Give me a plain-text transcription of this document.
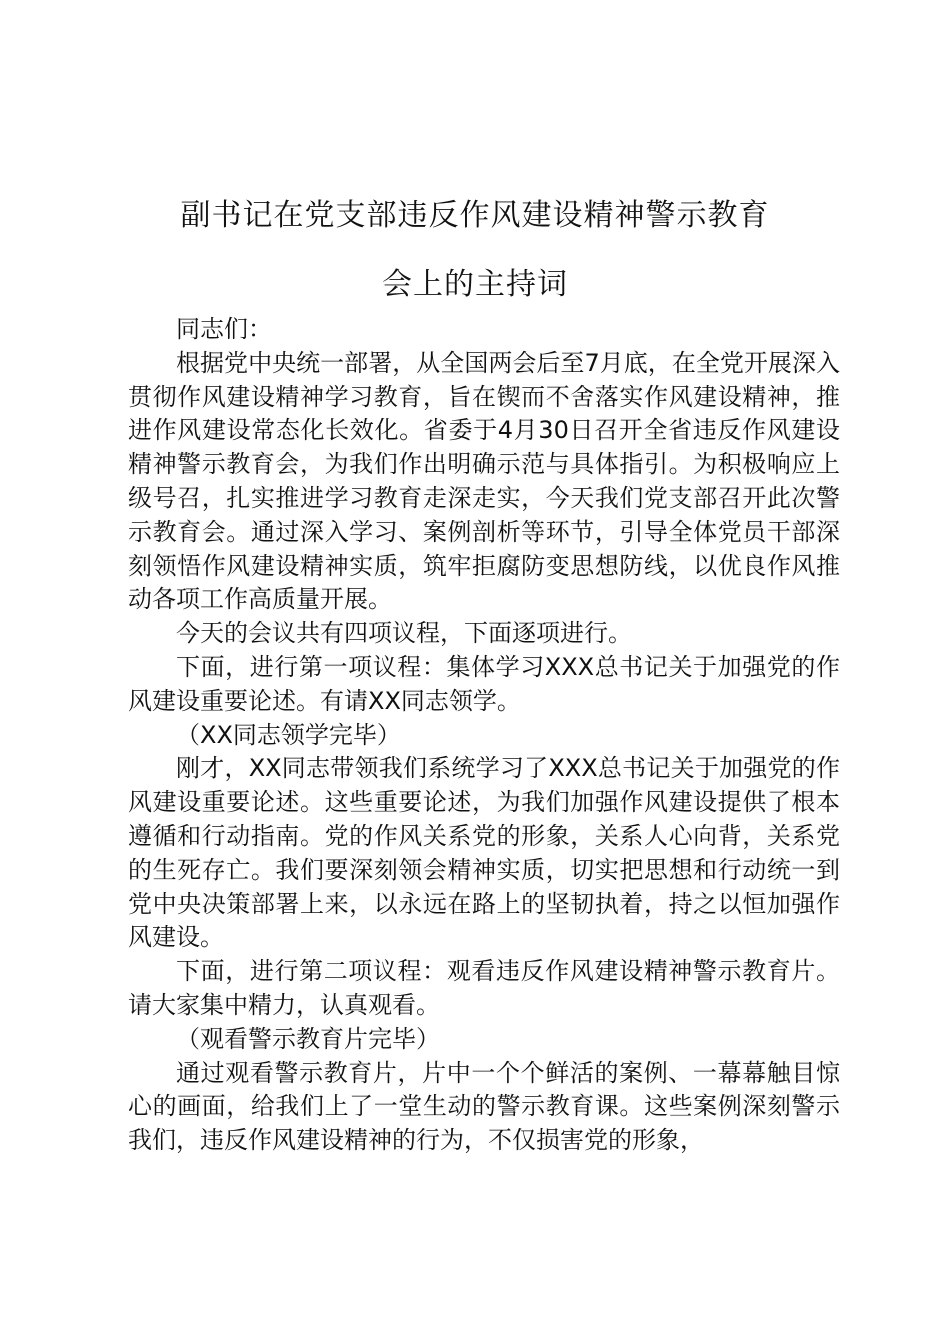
副书记在党支部违反作风建设精神警示教育
会上的主持词

同志们：

根据党中央统一部署，从全国两会后至7月底，在全党开展深入贯彻作风建设精神学习教育，旨在锲而不舍落实作风建设精神，推进作风建设常态化长效化。省委于4月30日召开全省违反作风建设精神警示教育会，为我们作出明确示范与具体指引。为积极响应上级号召，扎实推进学习教育走深走实，今天我们党支部召开此次警示教育会。通过深入学习、案例剖析等环节，引导全体党员干部深刻领悟作风建设精神实质，筑牢拒腐防变思想防线，以优良作风推动各项工作高质量开展。

今天的会议共有四项议程，下面逐项进行。

下面，进行第一项议程：集体学习XXX总书记关于加强党的作风建设重要论述。有请XX同志领学。

（XX同志领学完毕）

刚才，XX同志带领我们系统学习了XXX总书记关于加强党的作风建设重要论述。这些重要论述，为我们加强作风建设提供了根本遵循和行动指南。党的作风关系党的形象，关系人心向背，关系党的生死存亡。我们要深刻领会精神实质，切实把思想和行动统一到党中央决策部署上来，以永远在路上的坚韧执着，持之以恒加强作风建设。

下面，进行第二项议程：观看违反作风建设精神警示教育片。请大家集中精力，认真观看。

（观看警示教育片完毕）

通过观看警示教育片，片中一个个鲜活的案例、一幕幕触目惊心的画面，给我们上了一堂生动的警示教育课。这些案例深刻警示我们，违反作风建设精神的行为，不仅损害党的形象，
